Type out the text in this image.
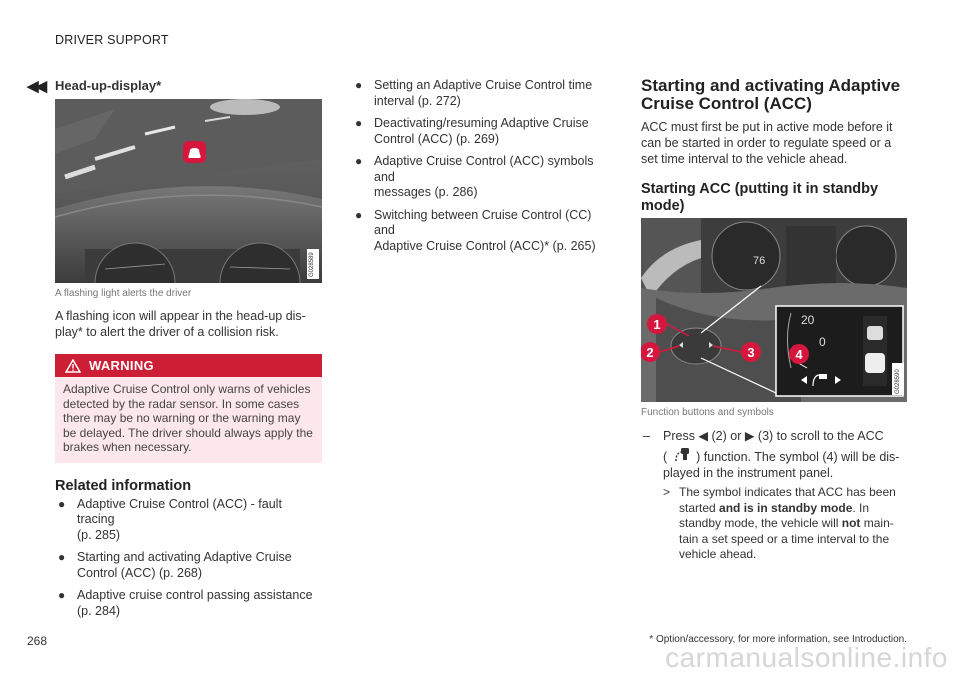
DRIVER SUPPORT
◀◀ Head-up-display*
G028589
A flashing light alerts the driver
A flashing icon will appear in the head-up dis-
play* to alert the driver of a collision risk.
WARNING
Adaptive Cruise Control only warns of vehicles detected by the radar sensor. In some cases there may be no warning or the warning may be delayed. The driver should always apply the brakes when necessary.
Related information
● Adaptive Cruise Control (ACC) - fault tracing
(p. 285)
● Starting and activating Adaptive Cruise
Control (ACC) (p. 268)
● Adaptive cruise control passing assistance
(p. 284)
● Setting an Adaptive Cruise Control time
interval (p. 272)
● Deactivating/resuming Adaptive Cruise
Control (ACC) (p. 269)
● Adaptive Cruise Control (ACC) symbols and
messages (p. 286)
● Switching between Cruise Control (CC) and
Adaptive Cruise Control (ACC)* (p. 265)
Starting and activating Adaptive
Cruise Control (ACC)
ACC must first be put in active mode before it
can be started in order to regulate speed or a
set time interval to the vehicle ahead.
Starting ACC (putting it in standby
mode)
76
20
0
1
2	3	4
G028590
Function buttons and symbols
– Press ◀ (2) or ▶ (3) to scroll to the ACC
( ) function. The symbol (4) will be dis-
played in the instrument panel.
> The symbol indicates that ACC has been
started and is in standby mode. In
standby mode, the vehicle will not main-
tain a set speed or a time interval to the
vehicle ahead.
268	* Option/accessory, for more information, see Introduction.
carmanualsonline.info
